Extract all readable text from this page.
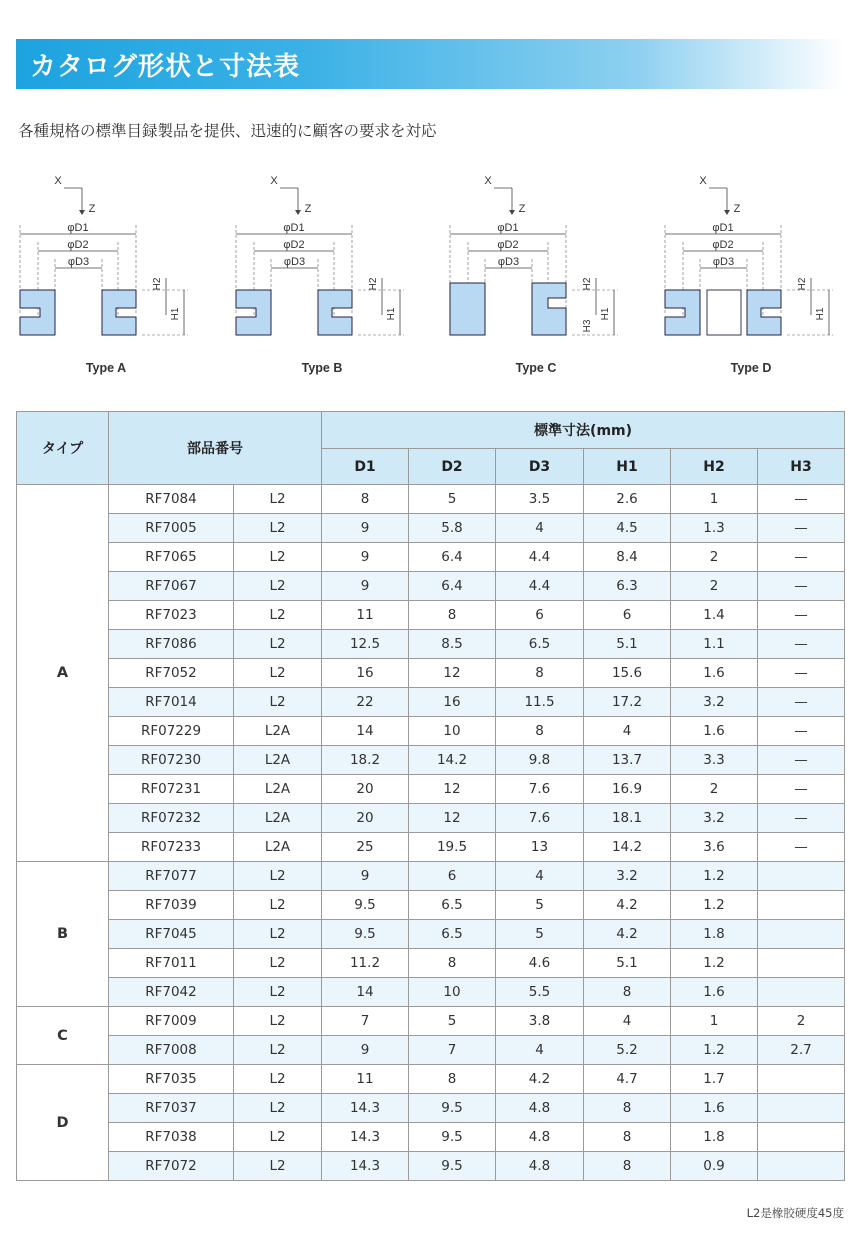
カタログ形状と寸法表
各種規格の標準目録製品を提供、迅速的に顧客の要求を対応
X
Z
φD1
φD2
φD3
H1
H2
Type A
X
Z
φD1
φD2
φD3
H1
H2
Type B
X
Z
φD1
φD2
φD3
H1
H2
H3
Type C
X
Z
φD1
φD2
φD3
H1
H2
Type D
タイプ	部品番号		標準寸法(mm)					
			D1	D2	D3	H1	H2	H3
A	RF7084	L2	8	5	3.5	2.6	1	—
	RF7005	L2	9	5.8	4	4.5	1.3	—
	RF7065	L2	9	6.4	4.4	8.4	2	—
	RF7067	L2	9	6.4	4.4	6.3	2	—
	RF7023	L2	11	8	6	6	1.4	—
	RF7086	L2	12.5	8.5	6.5	5.1	1.1	—
	RF7052	L2	16	12	8	15.6	1.6	—
	RF7014	L2	22	16	11.5	17.2	3.2	—
	RF07229	L2A	14	10	8	4	1.6	—
	RF07230	L2A	18.2	14.2	9.8	13.7	3.3	—
	RF07231	L2A	20	12	7.6	16.9	2	—
	RF07232	L2A	20	12	7.6	18.1	3.2	—
	RF07233	L2A	25	19.5	13	14.2	3.6	—
B	RF7077	L2	9	6	4	3.2	1.2	
	RF7039	L2	9.5	6.5	5	4.2	1.2	
	RF7045	L2	9.5	6.5	5	4.2	1.8	
	RF7011	L2	11.2	8	4.6	5.1	1.2	
	RF7042	L2	14	10	5.5	8	1.6	
C	RF7009	L2	7	5	3.8	4	1	2
	RF7008	L2	9	7	4	5.2	1.2	2.7
D	RF7035	L2	11	8	4.2	4.7	1.7	
	RF7037	L2	14.3	9.5	4.8	8	1.6	
	RF7038	L2	14.3	9.5	4.8	8	1.8	
	RF7072	L2	14.3	9.5	4.8	8	0.9	
L2是橡胶硬度45度
